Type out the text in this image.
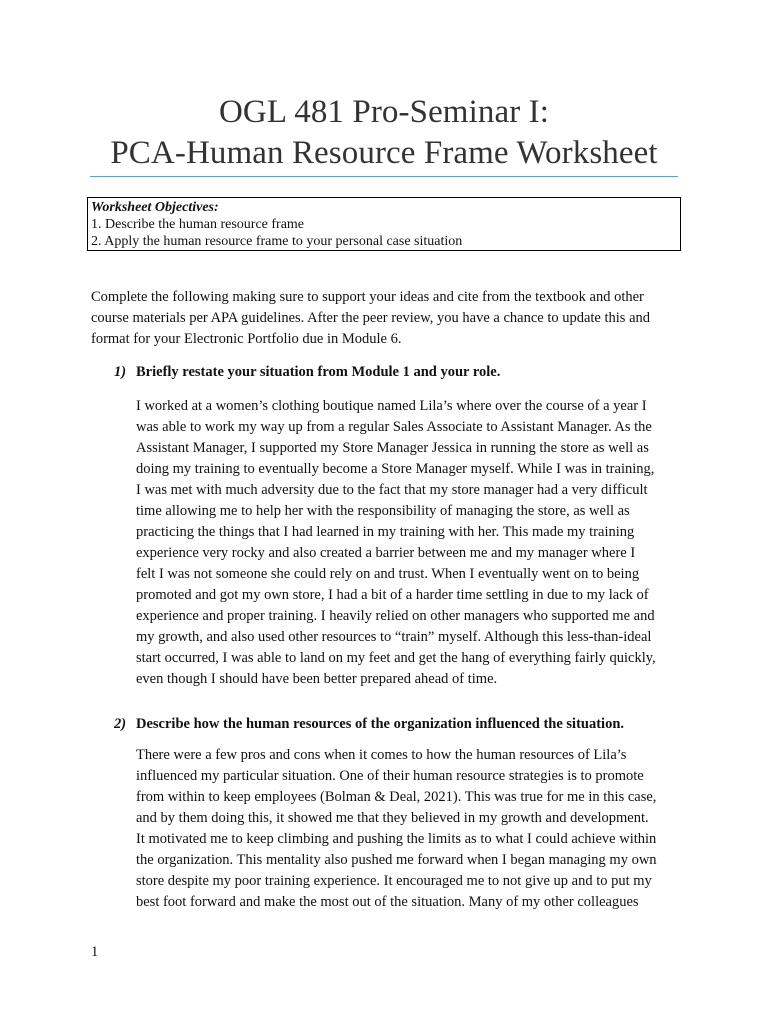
OGL 481 Pro-Seminar I:
PCA-Human Resource Frame Worksheet
Worksheet Objectives:
1. Describe the human resource frame
2. Apply the human resource frame to your personal case situation
Complete the following making sure to support your ideas and cite from the textbook and other
course materials per APA guidelines. After the peer review, you have a chance to update this and
format for your Electronic Portfolio due in Module 6.
1) Briefly restate your situation from Module 1 and your role.
I worked at a women’s clothing boutique named Lila’s where over the course of a year I
was able to work my way up from a regular Sales Associate to Assistant Manager. As the
Assistant Manager, I supported my Store Manager Jessica in running the store as well as
doing my training to eventually become a Store Manager myself. While I was in training,
I was met with much adversity due to the fact that my store manager had a very difficult
time allowing me to help her with the responsibility of managing the store, as well as
practicing the things that I had learned in my training with her. This made my training
experience very rocky and also created a barrier between me and my manager where I
felt I was not someone she could rely on and trust. When I eventually went on to being
promoted and got my own store, I had a bit of a harder time settling in due to my lack of
experience and proper training. I heavily relied on other managers who supported me and
my growth, and also used other resources to “train” myself. Although this less-than-ideal
start occurred, I was able to land on my feet and get the hang of everything fairly quickly,
even though I should have been better prepared ahead of time.
2) Describe how the human resources of the organization influenced the situation.
There were a few pros and cons when it comes to how the human resources of Lila’s
influenced my particular situation. One of their human resource strategies is to promote
from within to keep employees (Bolman & Deal, 2021). This was true for me in this case,
and by them doing this, it showed me that they believed in my growth and development.
It motivated me to keep climbing and pushing the limits as to what I could achieve within
the organization. This mentality also pushed me forward when I began managing my own
store despite my poor training experience. It encouraged me to not give up and to put my
best foot forward and make the most out of the situation. Many of my other colleagues
1
